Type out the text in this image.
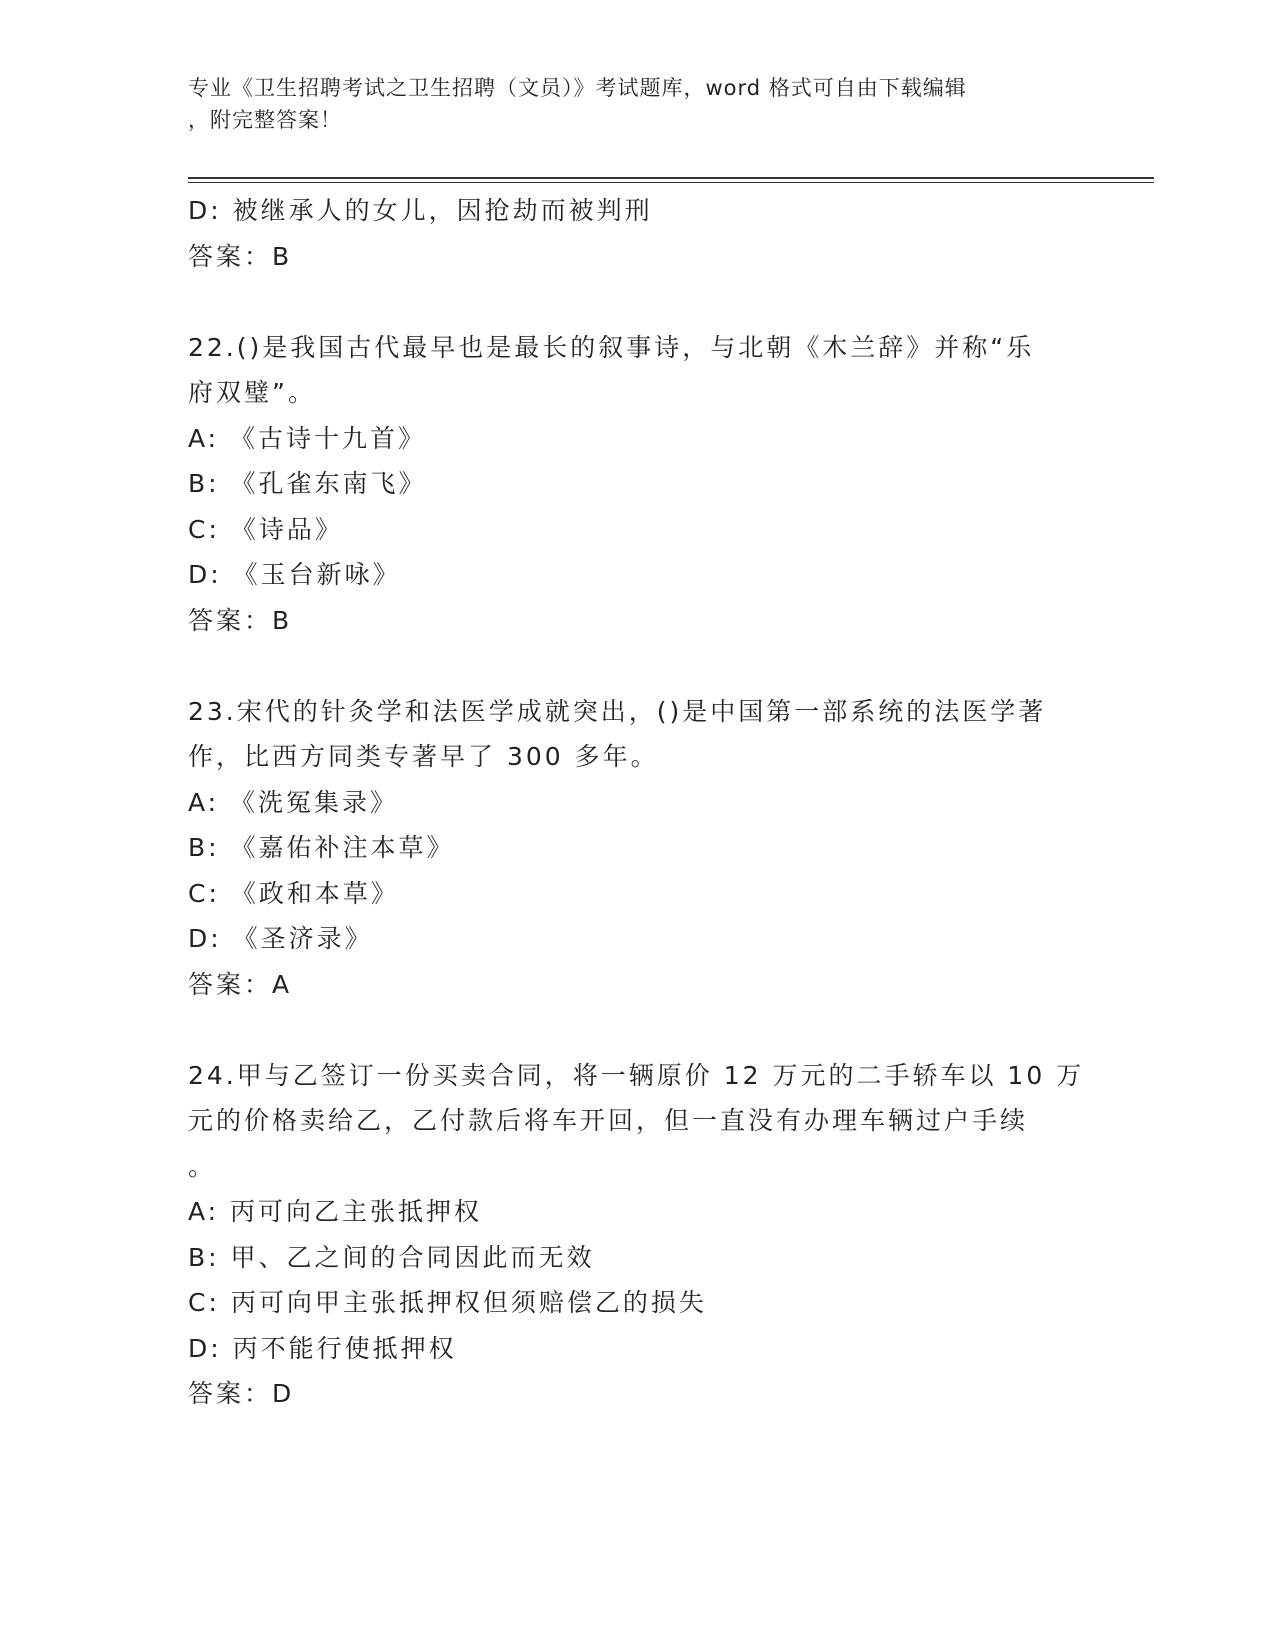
专业《卫生招聘考试之卫生招聘（文员）》考试题库，word 格式可自由下载编辑
，附完整答案！
D: 被继承人的女儿，因抢劫而被判刑
答案：B
22.()是我国古代最早也是最长的叙事诗，与北朝《木兰辞》并称“乐
府双璧”。
A: 《古诗十九首》
B: 《孔雀东南飞》
C: 《诗品》
D: 《玉台新咏》
答案：B
23.宋代的针灸学和法医学成就突出，()是中国第一部系统的法医学著
作，比西方同类专著早了 300 多年。
A: 《洗冤集录》
B: 《嘉佑补注本草》
C: 《政和本草》
D: 《圣济录》
答案：A
24.甲与乙签订一份买卖合同，将一辆原价 12 万元的二手轿车以 10 万
元的价格卖给乙，乙付款后将车开回，但一直没有办理车辆过户手续
。
A: 丙可向乙主张抵押权
B: 甲、乙之间的合同因此而无效
C: 丙可向甲主张抵押权但须赔偿乙的损失
D: 丙不能行使抵押权
答案：D
